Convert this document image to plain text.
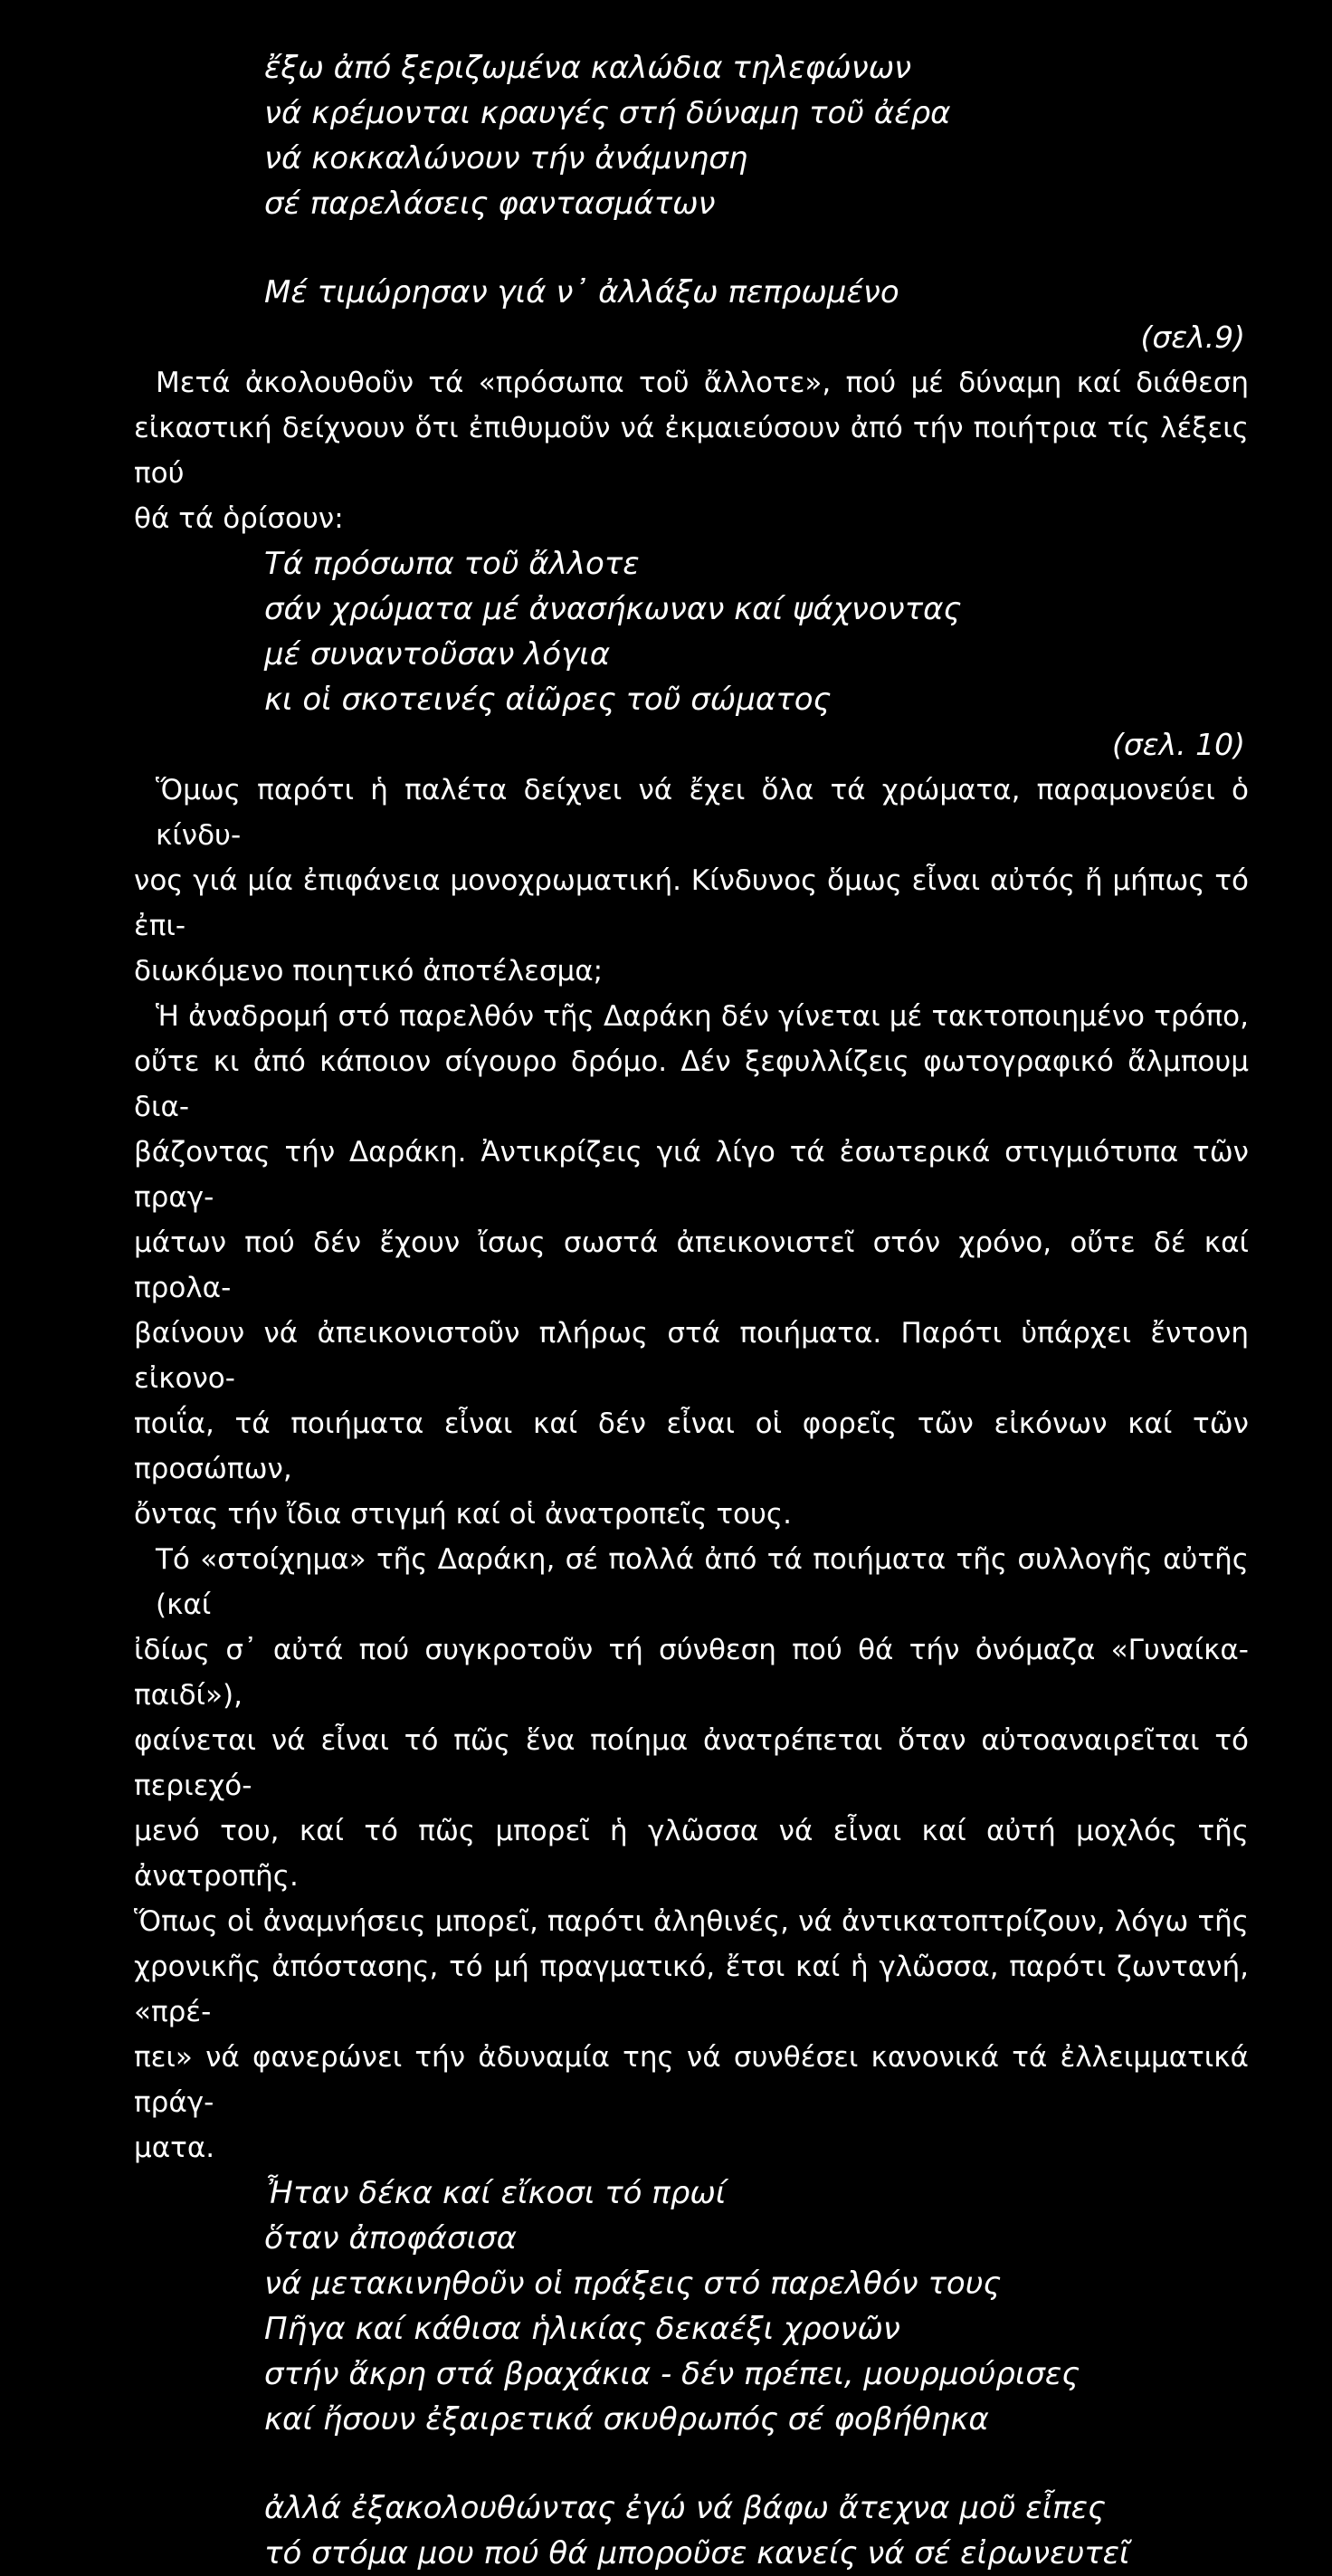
ἔξω ἀπό ξεριζωμένα καλώδια τηλεφώνων
νά κρέμονται κραυγές στή δύναμη τοῦ ἀέρα
νά κοκκαλώνουν τήν ἀνάμνηση
σέ παρελάσεις φαντασμάτων
Μέ τιμώρησαν γιά ν᾽ ἀλλάξω πεπρωμένο
(σελ.9)

Μετά ἀκολουθοῦν τά «πρόσωπα τοῦ ἄλλοτε», πού μέ δύναμη καί διάθεση
εἰκαστική δείχνουν ὅτι ἐπιθυμοῦν νά ἐκμαιεύσουν ἀπό τήν ποιήτρια τίς λέξεις πού
θά τά ὁρίσουν:

Τά πρόσωπα τοῦ ἄλλοτε
σάν χρώματα μέ ἀνασήκωναν καί ψάχνοντας
μέ συναντοῦσαν λόγια
κι οἱ σκοτεινές αἰῶρες τοῦ σώματος
(σελ. 10)

Ὅμως παρότι ἡ παλέτα δείχνει νά ἔχει ὅλα τά χρώματα, παραμονεύει ὁ κίνδυ-
νος γιά μία ἐπιφάνεια μονοχρωματική. Κίνδυνος ὅμως εἶναι αὐτός ἤ μήπως τό ἐπι-
διωκόμενο ποιητικό ἀποτέλεσμα;

Ἡ ἀναδρομή στό παρελθόν τῆς Δαράκη δέν γίνεται μέ τακτοποιημένο τρόπο,
οὔτε κι ἀπό κάποιον σίγουρο δρόμο. Δέν ξεφυλλίζεις φωτογραφικό ἄλμπουμ δια-
βάζοντας τήν Δαράκη. Ἀντικρίζεις γιά λίγο τά ἐσωτερικά στιγμιότυπα τῶν πραγ-
μάτων πού δέν ἔχουν ἴσως σωστά ἀπεικονιστεῖ στόν χρόνο, οὔτε δέ καί προλα-
βαίνουν νά ἀπεικονιστοῦν πλήρως στά ποιήματα. Παρότι ὑπάρχει ἔντονη εἰκονο-
ποιΐα, τά ποιήματα εἶναι καί δέν εἶναι οἱ φορεῖς τῶν εἰκόνων καί τῶν προσώπων,
ὄντας τήν ἴδια στιγμή καί οἱ ἀνατροπεῖς τους.

Τό «στοίχημα» τῆς Δαράκη, σέ πολλά ἀπό τά ποιήματα τῆς συλλογῆς αὐτῆς (καί
ἰδίως σ᾽ αὐτά πού συγκροτοῦν τή σύνθεση πού θά τήν ὀνόμαζα «Γυναίκα-παιδί»),
φαίνεται νά εἶναι τό πῶς ἕνα ποίημα ἀνατρέπεται ὅταν αὐτοαναιρεῖται τό περιεχό-
μενό του, καί τό πῶς μπορεῖ ἡ γλῶσσα νά εἶναι καί αὐτή μοχλός τῆς ἀνατροπῆς.
Ὅπως οἱ ἀναμνήσεις μπορεῖ, παρότι ἀληθινές, νά ἀντικατοπτρίζουν, λόγω τῆς
χρονικῆς ἀπόστασης, τό μή πραγματικό, ἔτσι καί ἡ γλῶσσα, παρότι ζωντανή, «πρέ-
πει» νά φανερώνει τήν ἀδυναμία της νά συνθέσει κανονικά τά ἐλλειμματικά πράγ-
ματα.

Ἦταν δέκα καί εἴκοσι τό πρωί
ὅταν ἀποφάσισα
νά μετακινηθοῦν οἱ πράξεις στό παρελθόν τους
Πῆγα καί κάθισα ἡλικίας δεκαέξι χρονῶν
στήν ἄκρη στά βραχάκια - δέν πρέπει, μουρμούρισες
καί ἤσουν ἐξαιρετικά σκυθρωπός σέ φοβήθηκα
ἀλλά ἐξακολουθώντας ἐγώ νά βάφω ἄτεχνα μοῦ εἶπες
τό στόμα μου πού θά μποροῦσε κανείς νά σέ εἰρωνευτεῖ
